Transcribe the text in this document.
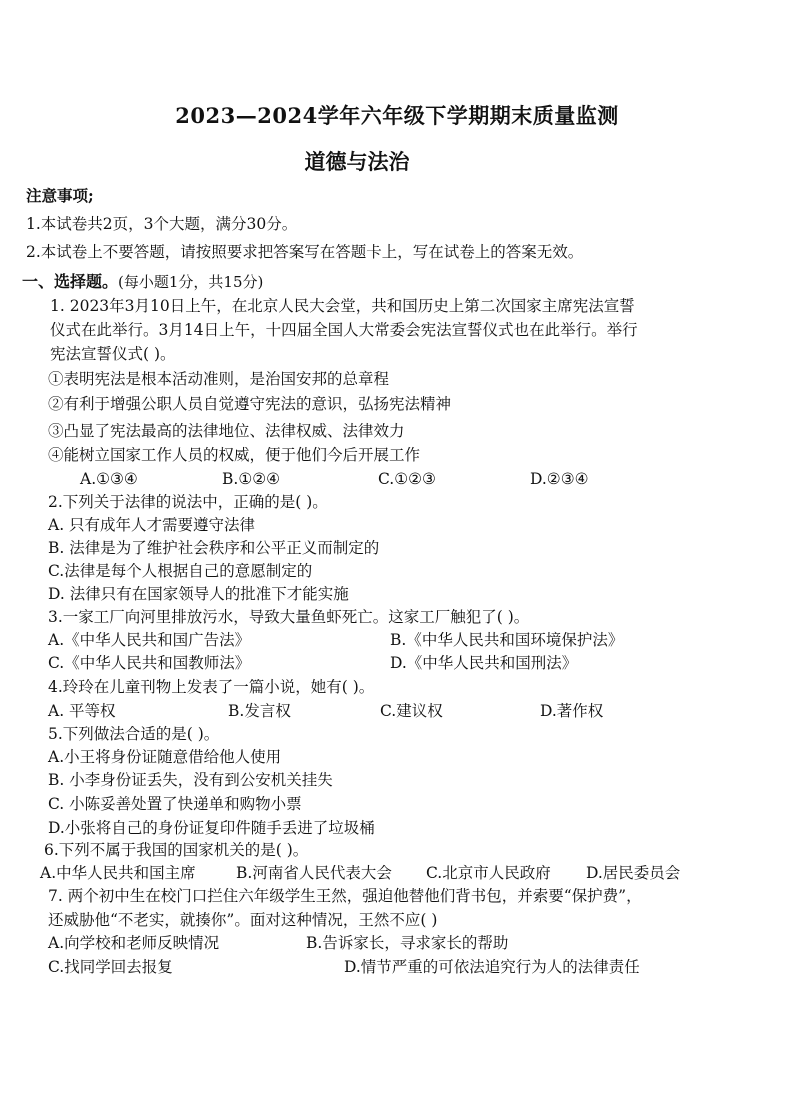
2023—2024学年六年级下学期期末质量监测
道德与法治
注意事项;
1.本试卷共2页，3个大题，满分30分。
2.本试卷上不要答题，请按照要求把答案写在答题卡上，写在试卷上的答案无效。
一、选择题。(每小题1分，共15分)
1. 2023年3月10日上午，在北京人民大会堂，共和国历史上第二次国家主席宪法宣誓
仪式在此举行。3月14日上午，十四届全国人大常委会宪法宣誓仪式也在此举行。举行
宪法宣誓仪式( )。
①表明宪法是根本活动准则，是治国安邦的总章程
②有利于增强公职人员自觉遵守宪法的意识，弘扬宪法精神
③凸显了宪法最高的法律地位、法律权威、法律效力
④能树立国家工作人员的权威，便于他们今后开展工作
A.①③④	B.①②④	C.①②③	D.②③④
2.下列关于法律的说法中，正确的是( )。
A. 只有成年人才需要遵守法律
B. 法律是为了维护社会秩序和公平正义而制定的
C.法律是每个人根据自己的意愿制定的
D. 法律只有在国家领导人的批准下才能实施
3.一家工厂向河里排放污水，导致大量鱼虾死亡。这家工厂触犯了( )。
A.《中华人民共和国广告法》	B.《中华人民共和国环境保护法》
C.《中华人民共和国教师法》	D.《中华人民共和国刑法》
4.玲玲在儿童刊物上发表了一篇小说，她有( )。
A. 平等权	B.发言权	C.建议权	D.著作权
5.下列做法合适的是( )。
A.小王将身份证随意借给他人使用
B. 小李身份证丢失，没有到公安机关挂失
C. 小陈妥善处置了快递单和购物小票
D.小张将自己的身份证复印件随手丢进了垃圾桶
6.下列不属于我国的国家机关的是( )。
A.中华人民共和国主席	B.河南省人民代表大会 C.北京市人民政府 D.居民委员会
7. 两个初中生在校门口拦住六年级学生王然，强迫他替他们背书包，并索要“保护费”，
还威胁他“不老实，就揍你”。面对这种情况，王然不应( )
A.向学校和老师反映情况	B.告诉家长，寻求家长的帮助
C.找同学回去报复	D.情节严重的可依法追究行为人的法律责任
